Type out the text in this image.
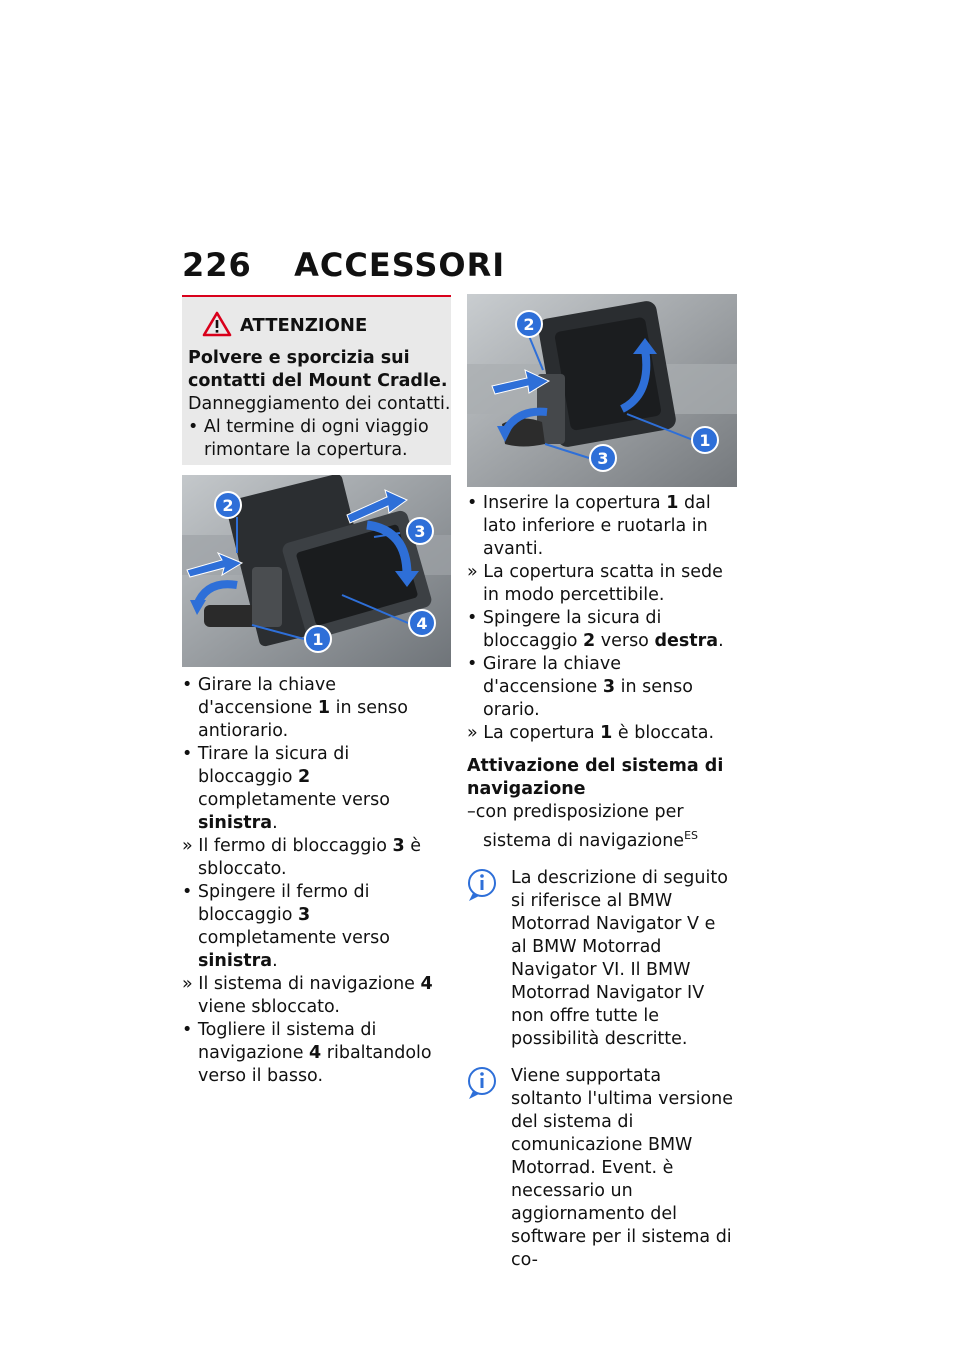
226 ACCESSORI
ATTENZIONE
Polvere e sporcizia sui contatti del Mount Cradle.
Danneggiamento dei contatti.
• Al termine di ogni viaggio rimontare la copertura.
2
3
4
1
2
1
3

• Girare la chiave d'accensione 1 in senso antiorario.

• Tirare la sicura di bloccaggio 2 completamente verso sinistra.

» Il fermo di bloccaggio 3 è sbloccato.

• Spingere il fermo di bloccaggio 3 completamente verso sinistra.

» Il sistema di navigazione 4 viene sbloccato.

• Togliere il sistema di navigazione 4 ribaltandolo verso il basso.

• Inserire la copertura 1 dal lato inferiore e ruotarla in avanti.

» La copertura scatta in sede in modo percettibile.

• Spingere la sicura di bloccaggio 2 verso destra.

• Girare la chiave d'accensione 3 in senso orario.

» La copertura 1 è bloccata.

Attivazione del sistema di navigazione

–con predisposizione per sistema di navigazione$^{ES}$

La descrizione di seguito si riferisce al BMW Motorrad Navigator V e al BMW Motorrad Navigator VI. Il BMW Motorrad Navigator IV non offre tutte le possibilità descritte.
Viene supportata soltanto l'ultima versione del sistema di comunicazione BMW Motorrad. Event. è necessario un aggiornamento del software per il sistema di co-
